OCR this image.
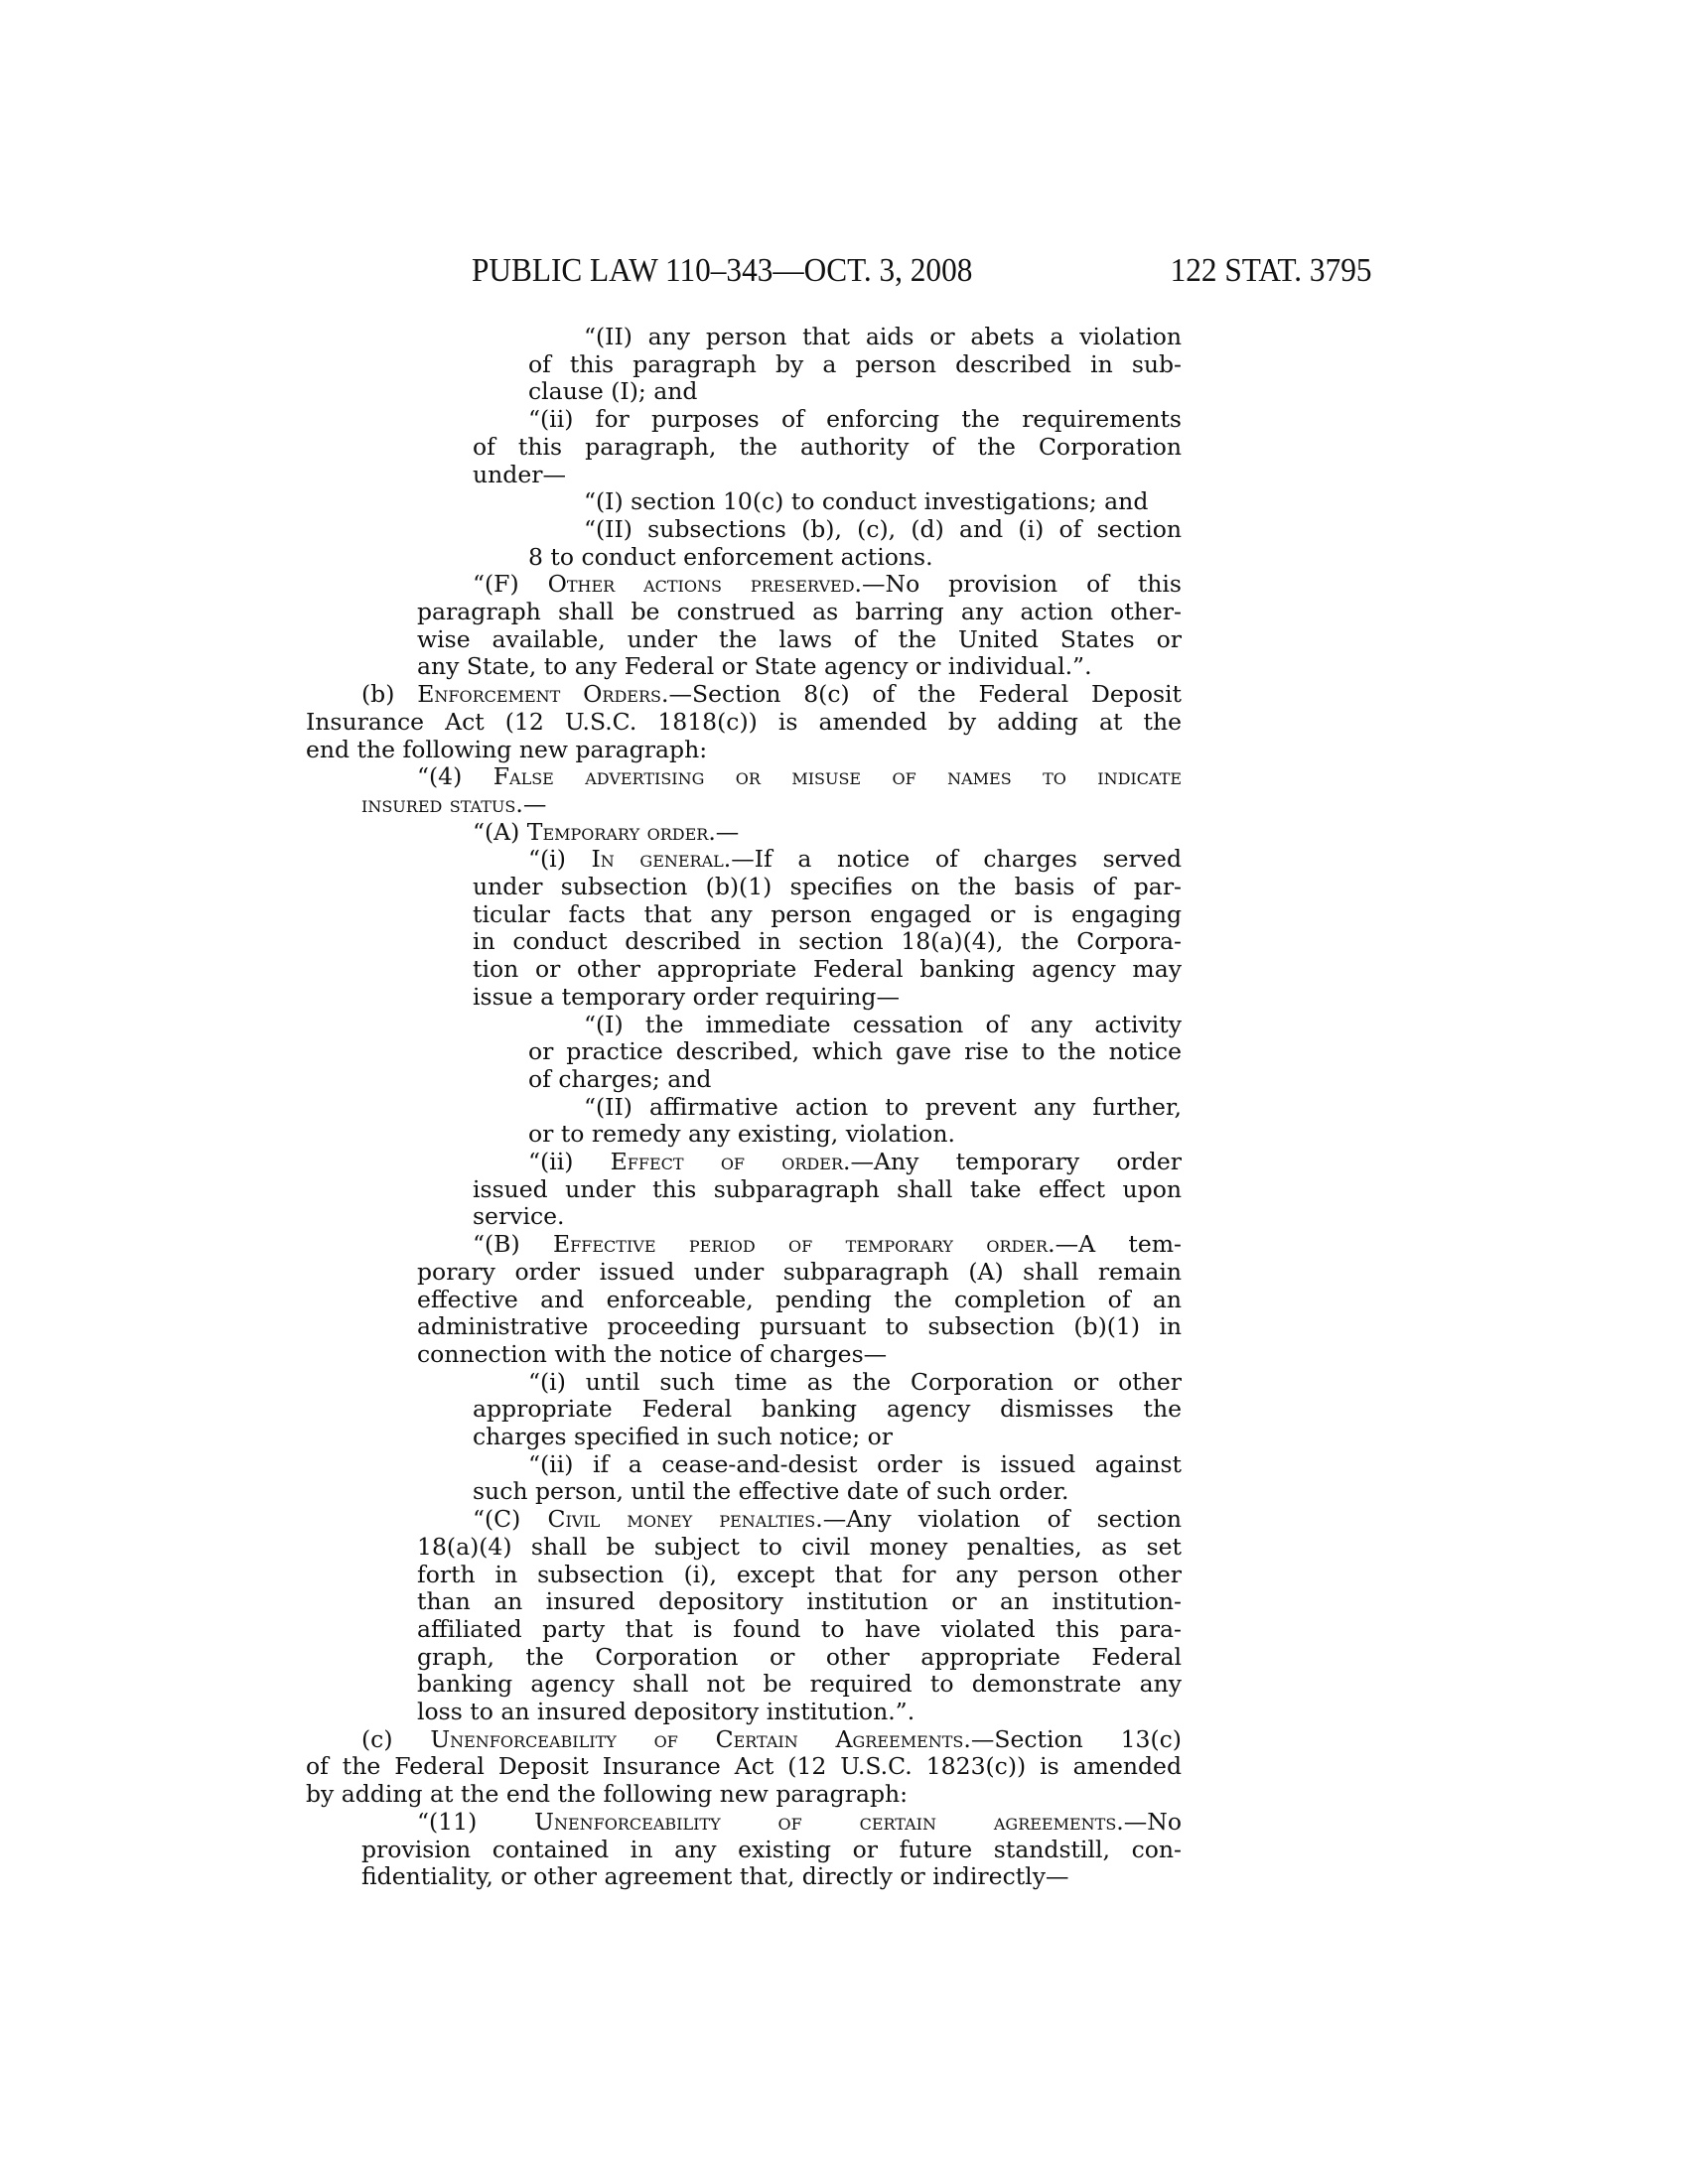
PUBLIC LAW 110–343—OCT. 3, 2008	122 STAT. 3795
“(II) any person that aids or abets a violation
of this paragraph by a person described in sub-
clause (I); and
“(ii) for purposes of enforcing the requirements
of this paragraph, the authority of the Corporation
under—
“(I) section 10(c) to conduct investigations; and
“(II) subsections (b), (c), (d) and (i) of section
8 to conduct enforcement actions.
“(F) Other actions preserved.—No provision of this
paragraph shall be construed as barring any action other-
wise available, under the laws of the United States or
any State, to any Federal or State agency or individual.”.
(b) Enforcement Orders.—Section 8(c) of the Federal Deposit
Insurance Act (12 U.S.C. 1818(c)) is amended by adding at the
end the following new paragraph:
“(4) False advertising or misuse of names to indicate
insured status.—
“(A) Temporary order.—
“(i) In general.—If a notice of charges served
under subsection (b)(1) specifies on the basis of par-
ticular facts that any person engaged or is engaging
in conduct described in section 18(a)(4), the Corpora-
tion or other appropriate Federal banking agency may
issue a temporary order requiring—
“(I) the immediate cessation of any activity
or practice described, which gave rise to the notice
of charges; and
“(II) affirmative action to prevent any further,
or to remedy any existing, violation.
“(ii) Effect of order.—Any temporary order
issued under this subparagraph shall take effect upon
service.
“(B) Effective period of temporary order.—A tem-
porary order issued under subparagraph (A) shall remain
effective and enforceable, pending the completion of an
administrative proceeding pursuant to subsection (b)(1) in
connection with the notice of charges—
“(i) until such time as the Corporation or other
appropriate Federal banking agency dismisses the
charges specified in such notice; or
“(ii) if a cease-and-desist order is issued against
such person, until the effective date of such order.
“(C) Civil money penalties.—Any violation of section
18(a)(4) shall be subject to civil money penalties, as set
forth in subsection (i), except that for any person other
than an insured depository institution or an institution-
affiliated party that is found to have violated this para-
graph, the Corporation or other appropriate Federal
banking agency shall not be required to demonstrate any
loss to an insured depository institution.”.
(c) Unenforceability of Certain Agreements.—Section 13(c)
of the Federal Deposit Insurance Act (12 U.S.C. 1823(c)) is amended
by adding at the end the following new paragraph:
“(11) Unenforceability of certain agreements.—No
provision contained in any existing or future standstill, con-
fidentiality, or other agreement that, directly or indirectly—
